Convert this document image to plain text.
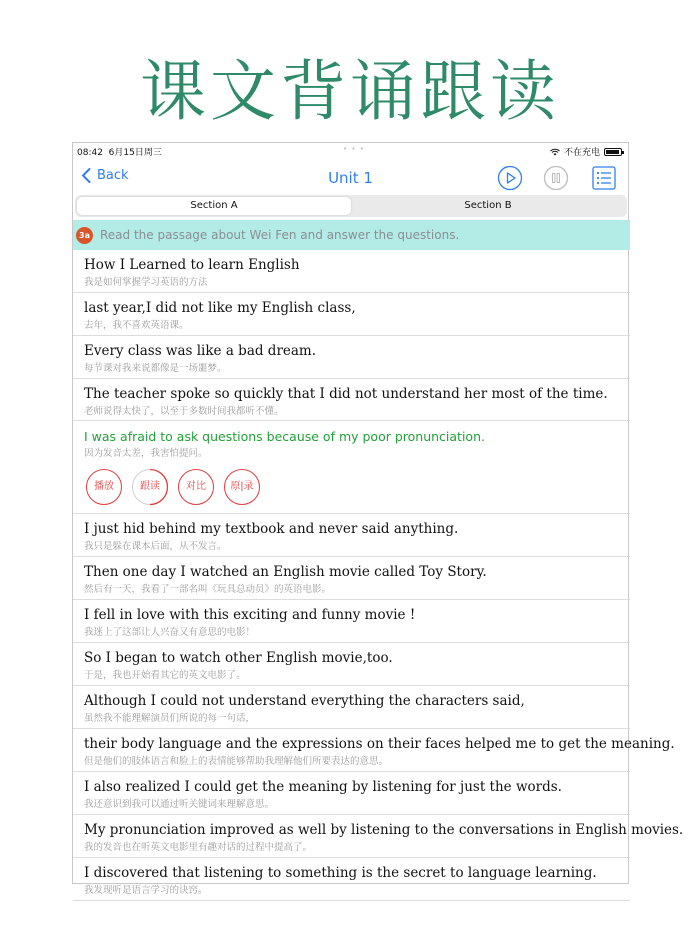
课文背诵跟读
08:42 6月15日周三	• • •	不在充电
Back	Unit 1
Section A	Section B
3a Read the passage about Wei Fen and answer the questions.
How I Learned to learn English
我是如何掌握学习英语的方法
last year,I did not like my English class,
去年，我不喜欢英语课。
Every class was like a bad dream.
每节课对我来说都像是一场噩梦。
The teacher spoke so quickly that I did not understand her most of the time.
老师说得太快了，以至于多数时间我都听不懂。
I was afraid to ask questions because of my poor pronunciation.
因为发音太差，我害怕提问。
播放	跟读	对比	原|录
I just hid behind my textbook and never said anything.
我只是躲在课本后面，从不发言。
Then one day I watched an English movie called Toy Story.
然后有一天，我看了一部名叫《玩具总动员》的英语电影。
I fell in love with this exciting and funny movie !
我迷上了这部让人兴奋又有意思的电影！
So I began to watch other English movie,too.
于是，我也开始看其它的英文电影了。
Although I could not understand everything the characters said,
虽然我不能理解演员们所说的每一句话，
their body language and the expressions on their faces helped me to get the meaning.
但是他们的肢体语言和脸上的表情能够帮助我理解他们所要表达的意思。
I also realized I could get the meaning by listening for just the words.
我还意识到我可以通过听关键词来理解意思。
My pronunciation improved as well by listening to the conversations in English movies.
我的发音也在听英文电影里有趣对话的过程中提高了。
I discovered that listening to something is the secret to language learning.
我发现听是语言学习的诀窍。
